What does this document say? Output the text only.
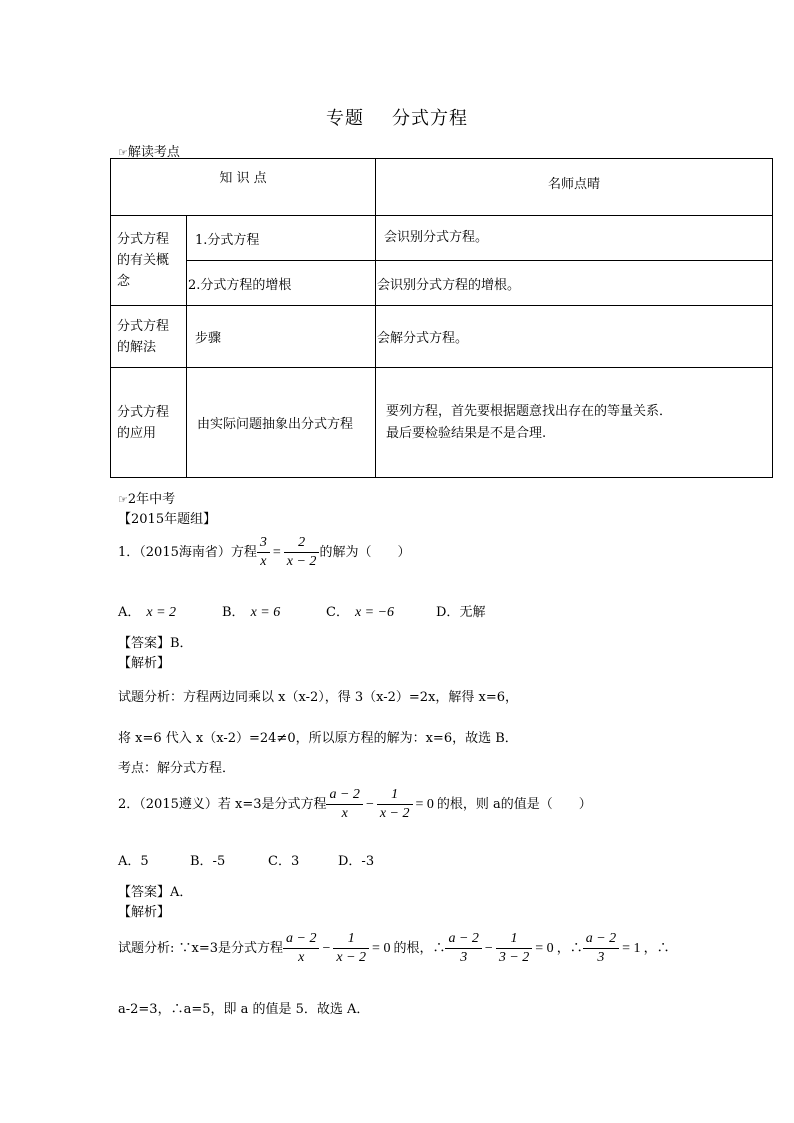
专题 分式方程
☞解读考点
知 识 点		名师点晴
分式方程的有关概念	1.分式方程	会识别分式方程。
	2.分式方程的增根	会识别分式方程的增根。
分式方程的解法	步骤	会解分式方程。
分式方程的应用	由实际问题抽象出分式方程	要列方程，首先要根据题意找出存在的等量关系．
最后要检验结果是不是合理.
☞2年中考
【2015年题组】
1．（2015海南省）方程 $\frac{3}{x} = \frac{2}{x - 2}$ 的解为（　　）
A． x = 2	B． x = 6	C． x = −6	D．无解
【答案】B．
【解析】
试题分析：方程两边同乘以 x（x-2），得 3（x-2）=2x，解得 x=6，
将 x=6 代入 x（x-2）=24≠0，所以原方程的解为：x=6，故选 B．
考点：解分式方程．
2．（2015遵义）若 x=3是分式方程 $\frac{a - 2}{x} - \frac{1}{x - 2} = 0$ 的根，则 a的值是（　　）
A．5	B．-5	C．3	D．-3
【答案】A．
【解析】
试题分析: ∵x=3是分式方程 $\frac{a - 2}{x} - \frac{1}{x - 2} = 0$ 的根，∴ $\frac{a - 2}{3} - \frac{1}{3 - 2} = 0$ ，∴ $\frac{a - 2}{3} = 1$ ，∴
a-2=3，∴a=5，即 a 的值是 5．故选 A．
